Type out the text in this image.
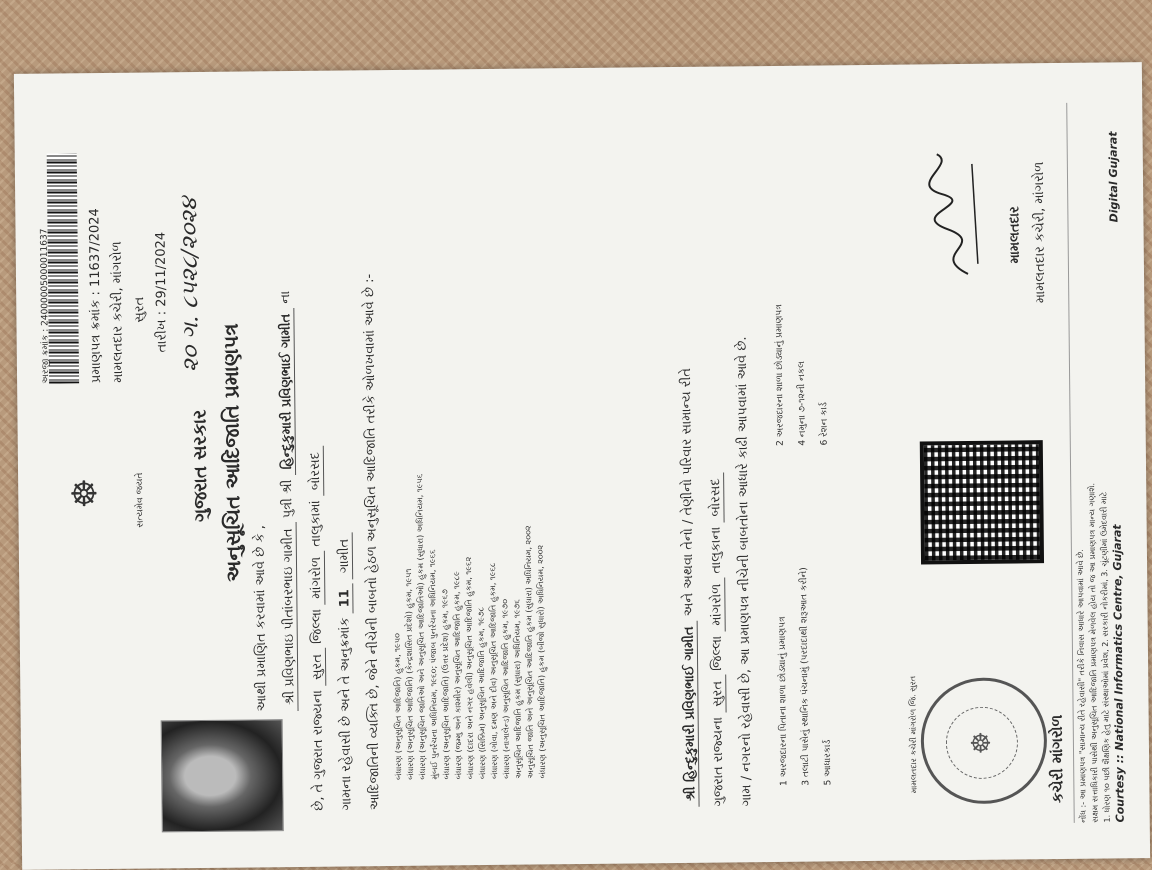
અરજી ક્રમાંક : 24000005000011637	પ્રમાણપત્ર ક્રમાંક : 11637/2024 મામલતદાર કચેરી, માંગરોળ સુરત તારીખ : 29/11/2024 ૨૦ ગ. ૮૫૨૮/૨૦૨૪
☸	સત્યમેવ જયતે ગુજરાત સરકાર અનુસૂચિત આદિજાતિ પ્રમાણપત્ર
આથી પ્રમાણિત કરવામાં આવે છે કે , શ્રી પ્રવિણભાઇ પીતાંબરભાઇ ગામીત પુત્રી શ્રી હિન્દુકુમારી પ્રવિણભાઈ ગામીત ના
છે, તે ગુજરાત રાજ્યના સુરત જિલ્લા માંગરોળ તાલુકામાં બોરસદ
ગામના રહેવાસી છે અને તે અનુક્રમાંક 11 ગામીત આદિજાતિની વ્યક્તિ છે, જેને નીચેની બાબતો હેઠળ અનુસૂચિત આદિજાતિ તરીકે ઓળખવામાં આવે છે :-	બંધારણ (અનુસૂચિત આદિજાતિ) હુકમ, ૧૯૫૦ બંધારણ (અનુસૂચિત આદિજાતિ) (કેન્દ્રશાસિત પ્રદેશો) હુકમ, ૧૯૫૧ બંધારણ (અનુસૂચિત જાતિઓ અને અનુસૂચિત આદિજાતિઓ) હુકમ (સુધારા) અધિનિયમ, ૧૯૫૬ મુંબઈ પુનર્રચના અધિનિયમ, ૧૯૬૦; પંજાબ પુનર્રચના અધિનિયમ, ૧૯૬૬ બંધારણ (અનુસૂચિત આદિજાતિ) (ઉત્તર પ્રદેશ) હુકમ, ૧૯૬૭ બંધારણ (જમ્મુ અને કાશ્મીર) અનુસૂચિત આદિજાતિ હુકમ, ૧૯૮૯ બંધારણ (દાદરા અને નગર હવેલી) અનુસૂચિત આદિજાતિ હુકમ, ૧૯૬૨ બંધારણ (સિક્કિમ) અનુસૂચિત આદિજાતિ હુકમ, ૧૯૭૮ બંધારણ (ગોવા, દમણ અને દીવ) અનુસૂચિત આદિજાતિ હુકમ, ૧૯૬૮ બંધારણ (નાગાલેન્ડ) અનુસૂચિત આદિજાતિ હુકમ, ૧૯૭૦ અનુસૂચિત આદિજાતિ હુકમ (સુધારા) અધિનિયમ, ૧૯૭૬ અનુસૂચિત જાતિ અને અનુસૂચિત આદિજાતિ હુકમ (સુધારા) અધિનિયમ, ૨૦૦૨ બંધારણ (અનુસૂચિત આદિજાતિ) હુકમ (બીજો સુધારો) અધિનિયમ, ૨૦૦૨	શ્રી હિન્દુકુમારી પ્રવિણભાઈ ગામીત અને અથવા તેનો / તેણીનો પરિવાર સામાન્ય રીતે
ગુજરાત રાજ્યના સુરત જિલ્લા માંગરોળ તાલુકાના બોરસદ ગામ / નગરનો રહેવાસી છે, આ પ્રમાણપત્ર નીચેની બાબતોના આધારે કાઢી આપવામાં આવે છે.	1 અરજદારના પિતાના શાળા છોડ્યાનું પ્રમાણપત્ર	3 તલાટી પાસેનું સ્થાનિક પંચનામું (પરદાદાથી શરૂઆત કરીને)	5 આધારકાર્ડ
2 અરજદારના શાળા છોડ્યાનું પ્રમાણપત્ર	4 નમુના ૭-૧૨ની નકલ	6 રેશન કાર્ડ
☸
મામલતદાર કચેરી માંગરોળ જિ. સુરત	કચેરી માંગરોળ
મામલતદાર મામલતદાર કચેરી, માંગરોળ
નોંધ :- આ પ્રમાણપત્ર "સામાન્ય રીતે રહેવાસી" તરીકે નિવાસ આધારે આપવામાં આવે છે. સક્ષમ સત્તાધિકારી પાસેથી અનુસૂચિત આદિજાતિ પ્રમાણપત્ર મેળવેલ હોય તો જ આ પ્રમાણપત્ર માન્ય ગણાશે. 1. ધોરણ ૧૦ પછી શૈક્ષણિક હેતુ માટે સંસ્થાઓમાં પ્રવેશ, 2. સરકારી નોકરીમાં, 3. ચૂંટણીમાં ઉમેદવારી માટે
Courtesy :: National Informatics Centre, Gujarat
Digital Gujarat
